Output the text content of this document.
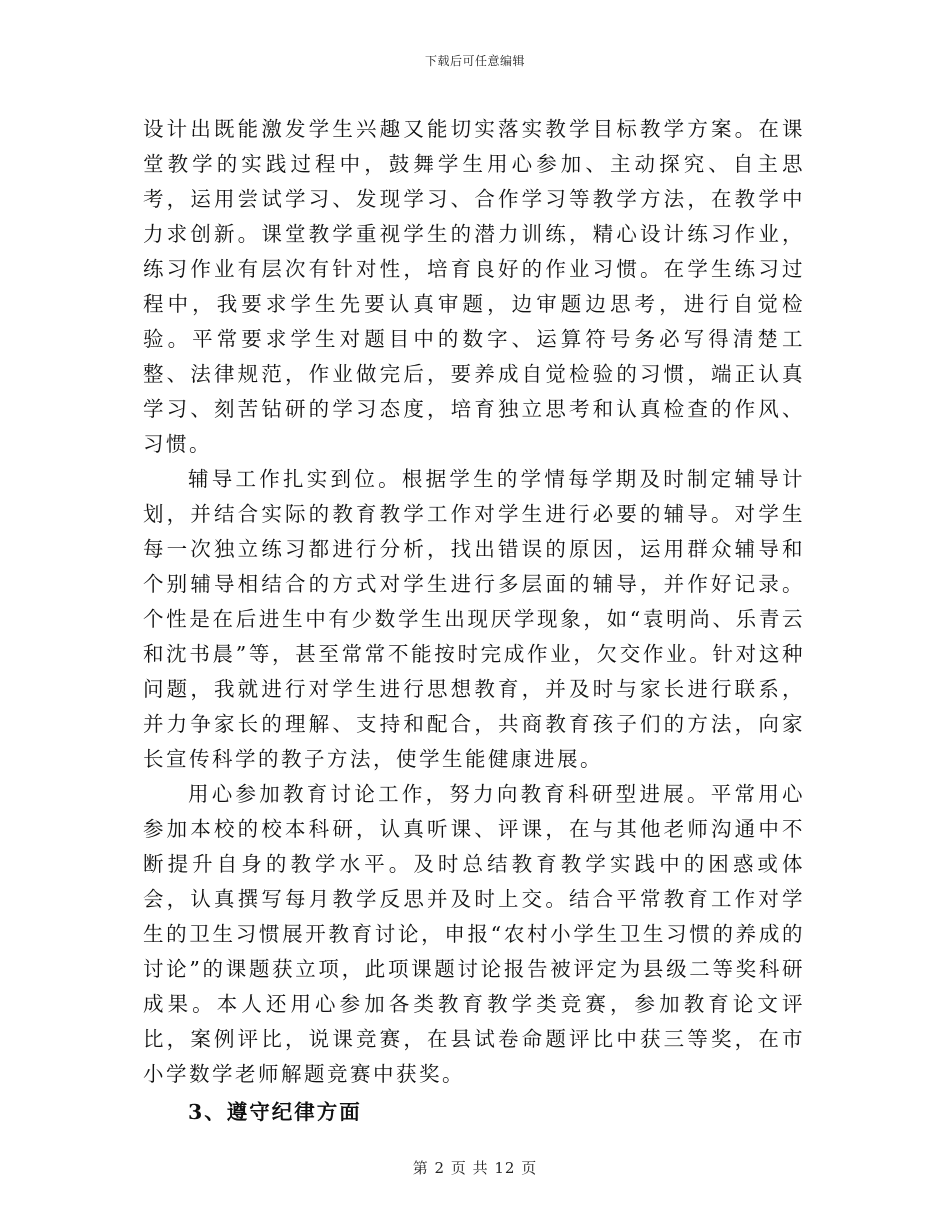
下载后可任意编辑

设计出既能激发学生兴趣又能切实落实教学目标教学方案。在课堂教学的实践过程中，鼓舞学生用心参加、主动探究、自主思考，运用尝试学习、发现学习、合作学习等教学方法，在教学中力求创新。课堂教学重视学生的潜力训练，精心设计练习作业，练习作业有层次有针对性，培育良好的作业习惯。在学生练习过程中，我要求学生先要认真审题，边审题边思考，进行自觉检验。平常要求学生对题目中的数字、运算符号务必写得清楚工整、法律规范，作业做完后，要养成自觉检验的习惯，端正认真学习、刻苦钻研的学习态度，培育独立思考和认真检查的作风、习惯。

辅导工作扎实到位。根据学生的学情每学期及时制定辅导计划，并结合实际的教育教学工作对学生进行必要的辅导。对学生每一次独立练习都进行分析，找出错误的原因，运用群众辅导和个别辅导相结合的方式对学生进行多层面的辅导，并作好记录。个性是在后进生中有少数学生出现厌学现象，如“袁明尚、乐青云和沈书晨”等，甚至常常不能按时完成作业，欠交作业。针对这种问题，我就进行对学生进行思想教育，并及时与家长进行联系，并力争家长的理解、支持和配合，共商教育孩子们的方法，向家长宣传科学的教子方法，使学生能健康进展。

用心参加教育讨论工作，努力向教育科研型进展。平常用心参加本校的校本科研，认真听课、评课，在与其他老师沟通中不断提升自身的教学水平。及时总结教育教学实践中的困惑或体会，认真撰写每月教学反思并及时上交。结合平常教育工作对学生的卫生习惯展开教育讨论，申报“农村小学生卫生习惯的养成的讨论”的课题获立项，此项课题讨论报告被评定为县级二等奖科研成果。本人还用心参加各类教育教学类竞赛，参加教育论文评比，案例评比，说课竞赛，在县试卷命题评比中获三等奖，在市小学数学老师解题竞赛中获奖。

3、遵守纪律方面

第 2 页 共 12 页
